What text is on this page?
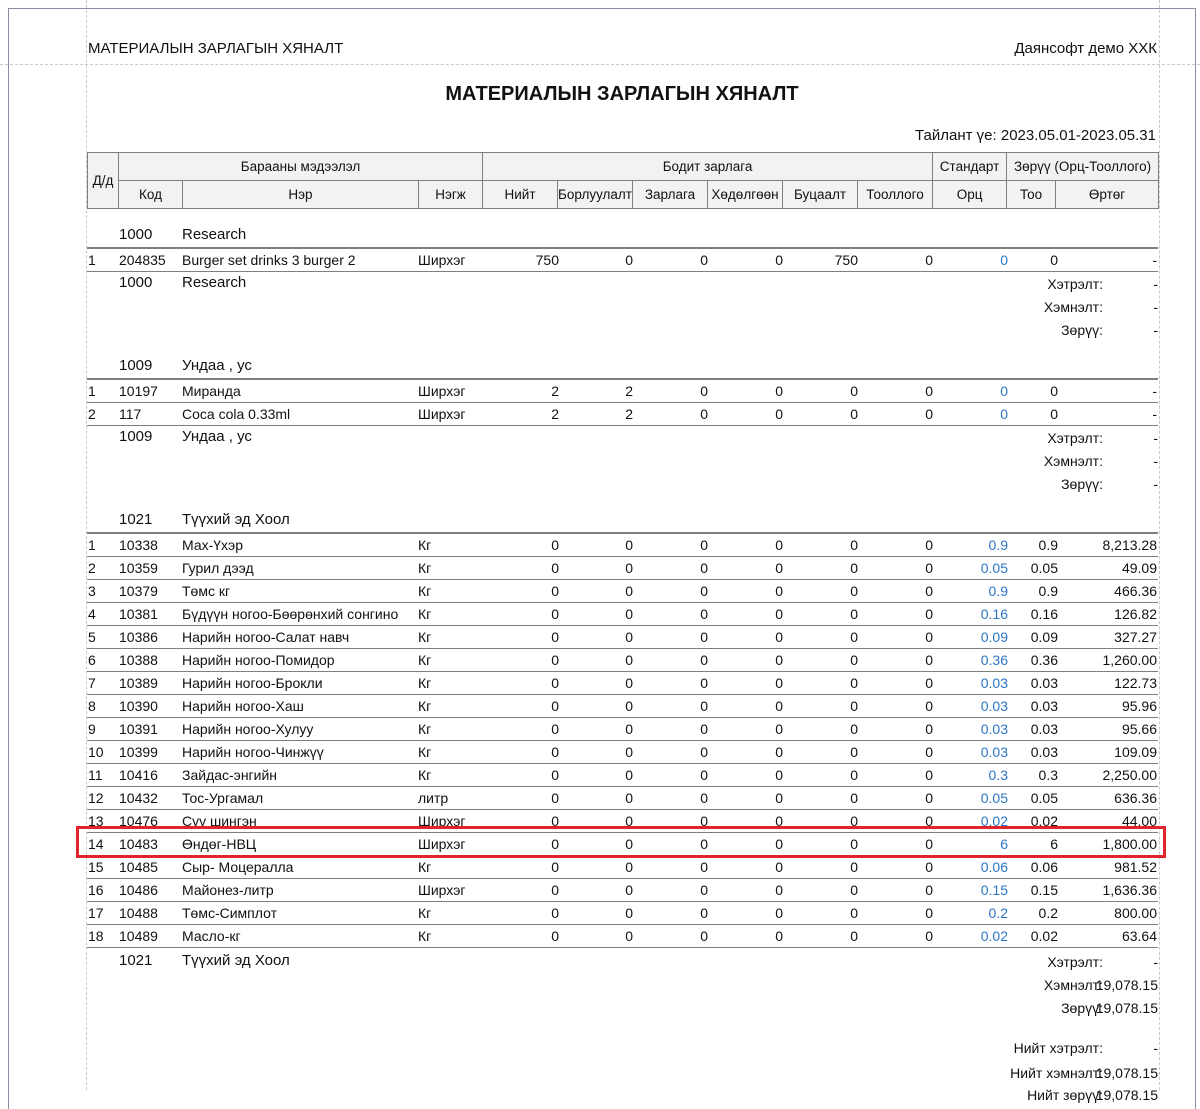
МАТЕРИАЛЫН ЗАРЛАГЫН ХЯНАЛТ	Даянсофт демо ХХК
МАТЕРИАЛЫН ЗАРЛАГЫН ХЯНАЛТ
Тайлант үе: 2023.05.01-2023.05.31
Д/д	Барааны мэдээлэл			Бодит зарлага						Стандарт	Зөрүү (Орц-Тооллого)	
	Код	Нэр	Нэгж	Нийт	Борлуулалт	Зарлага	Хөдөлгөөн	Буцаалт	Тооллого	Орц	Тоо	Өртөг
1000 Research
1	204835	Burger set drinks 3 burger 2	Ширхэг	750	0	0	0	750	0	0	0	-
1000 Research	Хэтрэлт:	-
Хэмнэлт:	-
Зөрүү:	-
1009 Ундаа , ус
1	10197	Миранда	Ширхэг	2	2	0	0	0	0	0	0	-
2	117	Coca cola 0.33ml	Ширхэг	2	2	0	0	0	0	0	0	-
1009 Ундаа , ус	Хэтрэлт:	-
Хэмнэлт:	-
Зөрүү:	-
1021 Түүхий эд Хоол
1	10338	Мах-Үхэр	Кг	0	0	0	0	0	0	0.9	0.9	8,213.28
2	10359	Гурил дээд	Кг	0	0	0	0	0	0	0.05	0.05	49.09
3	10379	Төмс кг	Кг	0	0	0	0	0	0	0.9	0.9	466.36
4	10381	Бүдүүн ногоо-Бөөрөнхий сонгино	Кг	0	0	0	0	0	0	0.16	0.16	126.82
5	10386	Нарийн ногоо-Салат навч	Кг	0	0	0	0	0	0	0.09	0.09	327.27
6	10388	Нарийн ногоо-Помидор	Кг	0	0	0	0	0	0	0.36	0.36	1,260.00
7	10389	Нарийн ногоо-Брокли	Кг	0	0	0	0	0	0	0.03	0.03	122.73
8	10390	Нарийн ногоо-Хаш	Кг	0	0	0	0	0	0	0.03	0.03	95.96
9	10391	Нарийн ногоо-Хулуу	Кг	0	0	0	0	0	0	0.03	0.03	95.66
10	10399	Нарийн ногоо-Чинжүү	Кг	0	0	0	0	0	0	0.03	0.03	109.09
11	10416	Зайдас-энгийн	Кг	0	0	0	0	0	0	0.3	0.3	2,250.00
12	10432	Тос-Ургамал	литр	0	0	0	0	0	0	0.05	0.05	636.36
13	10476	Сүү шингэн	Ширхэг	0	0	0	0	0	0	0.02	0.02	44.00
14	10483	Өндөг-НВЦ	Ширхэг	0	0	0	0	0	0	6	6	1,800.00
15	10485	Сыр- Моцералла	Кг	0	0	0	0	0	0	0.06	0.06	981.52
16	10486	Майонез-литр	Ширхэг	0	0	0	0	0	0	0.15	0.15	1,636.36
17	10488	Төмс-Симплот	Кг	0	0	0	0	0	0	0.2	0.2	800.00
18	10489	Масло-кг	Кг	0	0	0	0	0	0	0.02	0.02	63.64
1021 Түүхий эд Хоол	Хэтрэлт:	-
Хэмнэлт:
19,078.15
Зөрүү:
19,078.15
Нийт хэтрэлт:	-
Нийт хэмнэлт:
19,078.15
Нийт зөрүү:
19,078.15
